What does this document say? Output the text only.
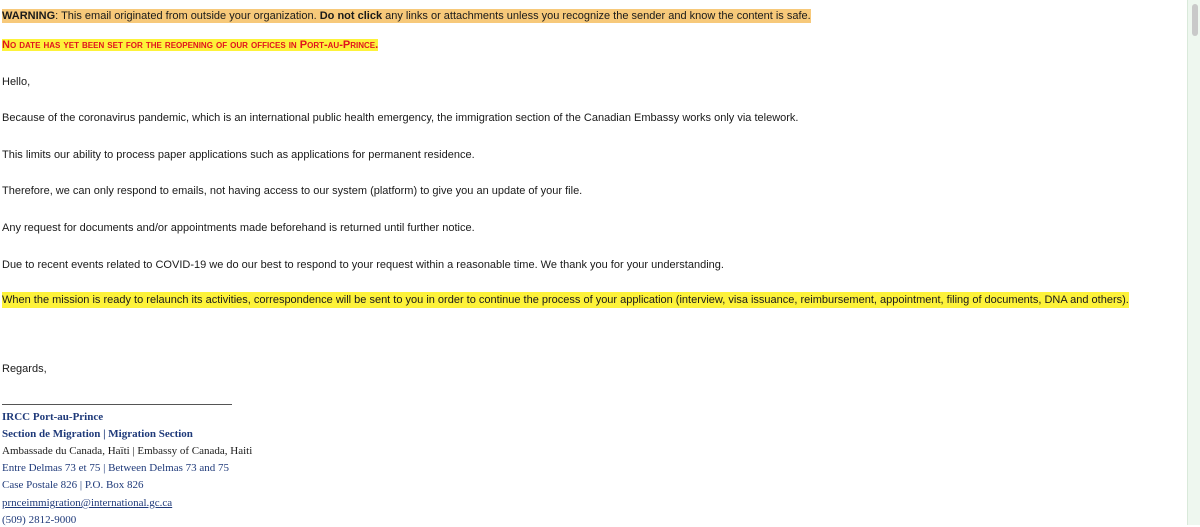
WARNING: This email originated from outside your organization. Do not click any links or attachments unless you recognize the sender and know the content is safe.
No date has yet been set for the reopening of our offices in Port-au-Prince.
Hello,
Because of the coronavirus pandemic, which is an international public health emergency, the immigration section of the Canadian Embassy works only via telework.
This limits our ability to process paper applications such as applications for permanent residence.
Therefore, we can only respond to emails, not having access to our system (platform) to give you an update of your file.
Any request for documents and/or appointments made beforehand is returned until further notice.
Due to recent events related to COVID-19 we do our best to respond to your request within a reasonable time. We thank you for your understanding.
When the mission is ready to relaunch its activities, correspondence will be sent to you in order to continue the process of your application (interview, visa issuance, reimbursement, appointment, filing of documents, DNA and others).
Regards,
IRCC Port-au-Prince
Section de Migration | Migration Section
Ambassade du Canada, Haïti | Embassy of Canada, Haiti
Entre Delmas 73 et 75 | Between Delmas 73 and 75
Case Postale 826 | P.O. Box 826
prnceimmigration@international.gc.ca
(509) 2812-9000
